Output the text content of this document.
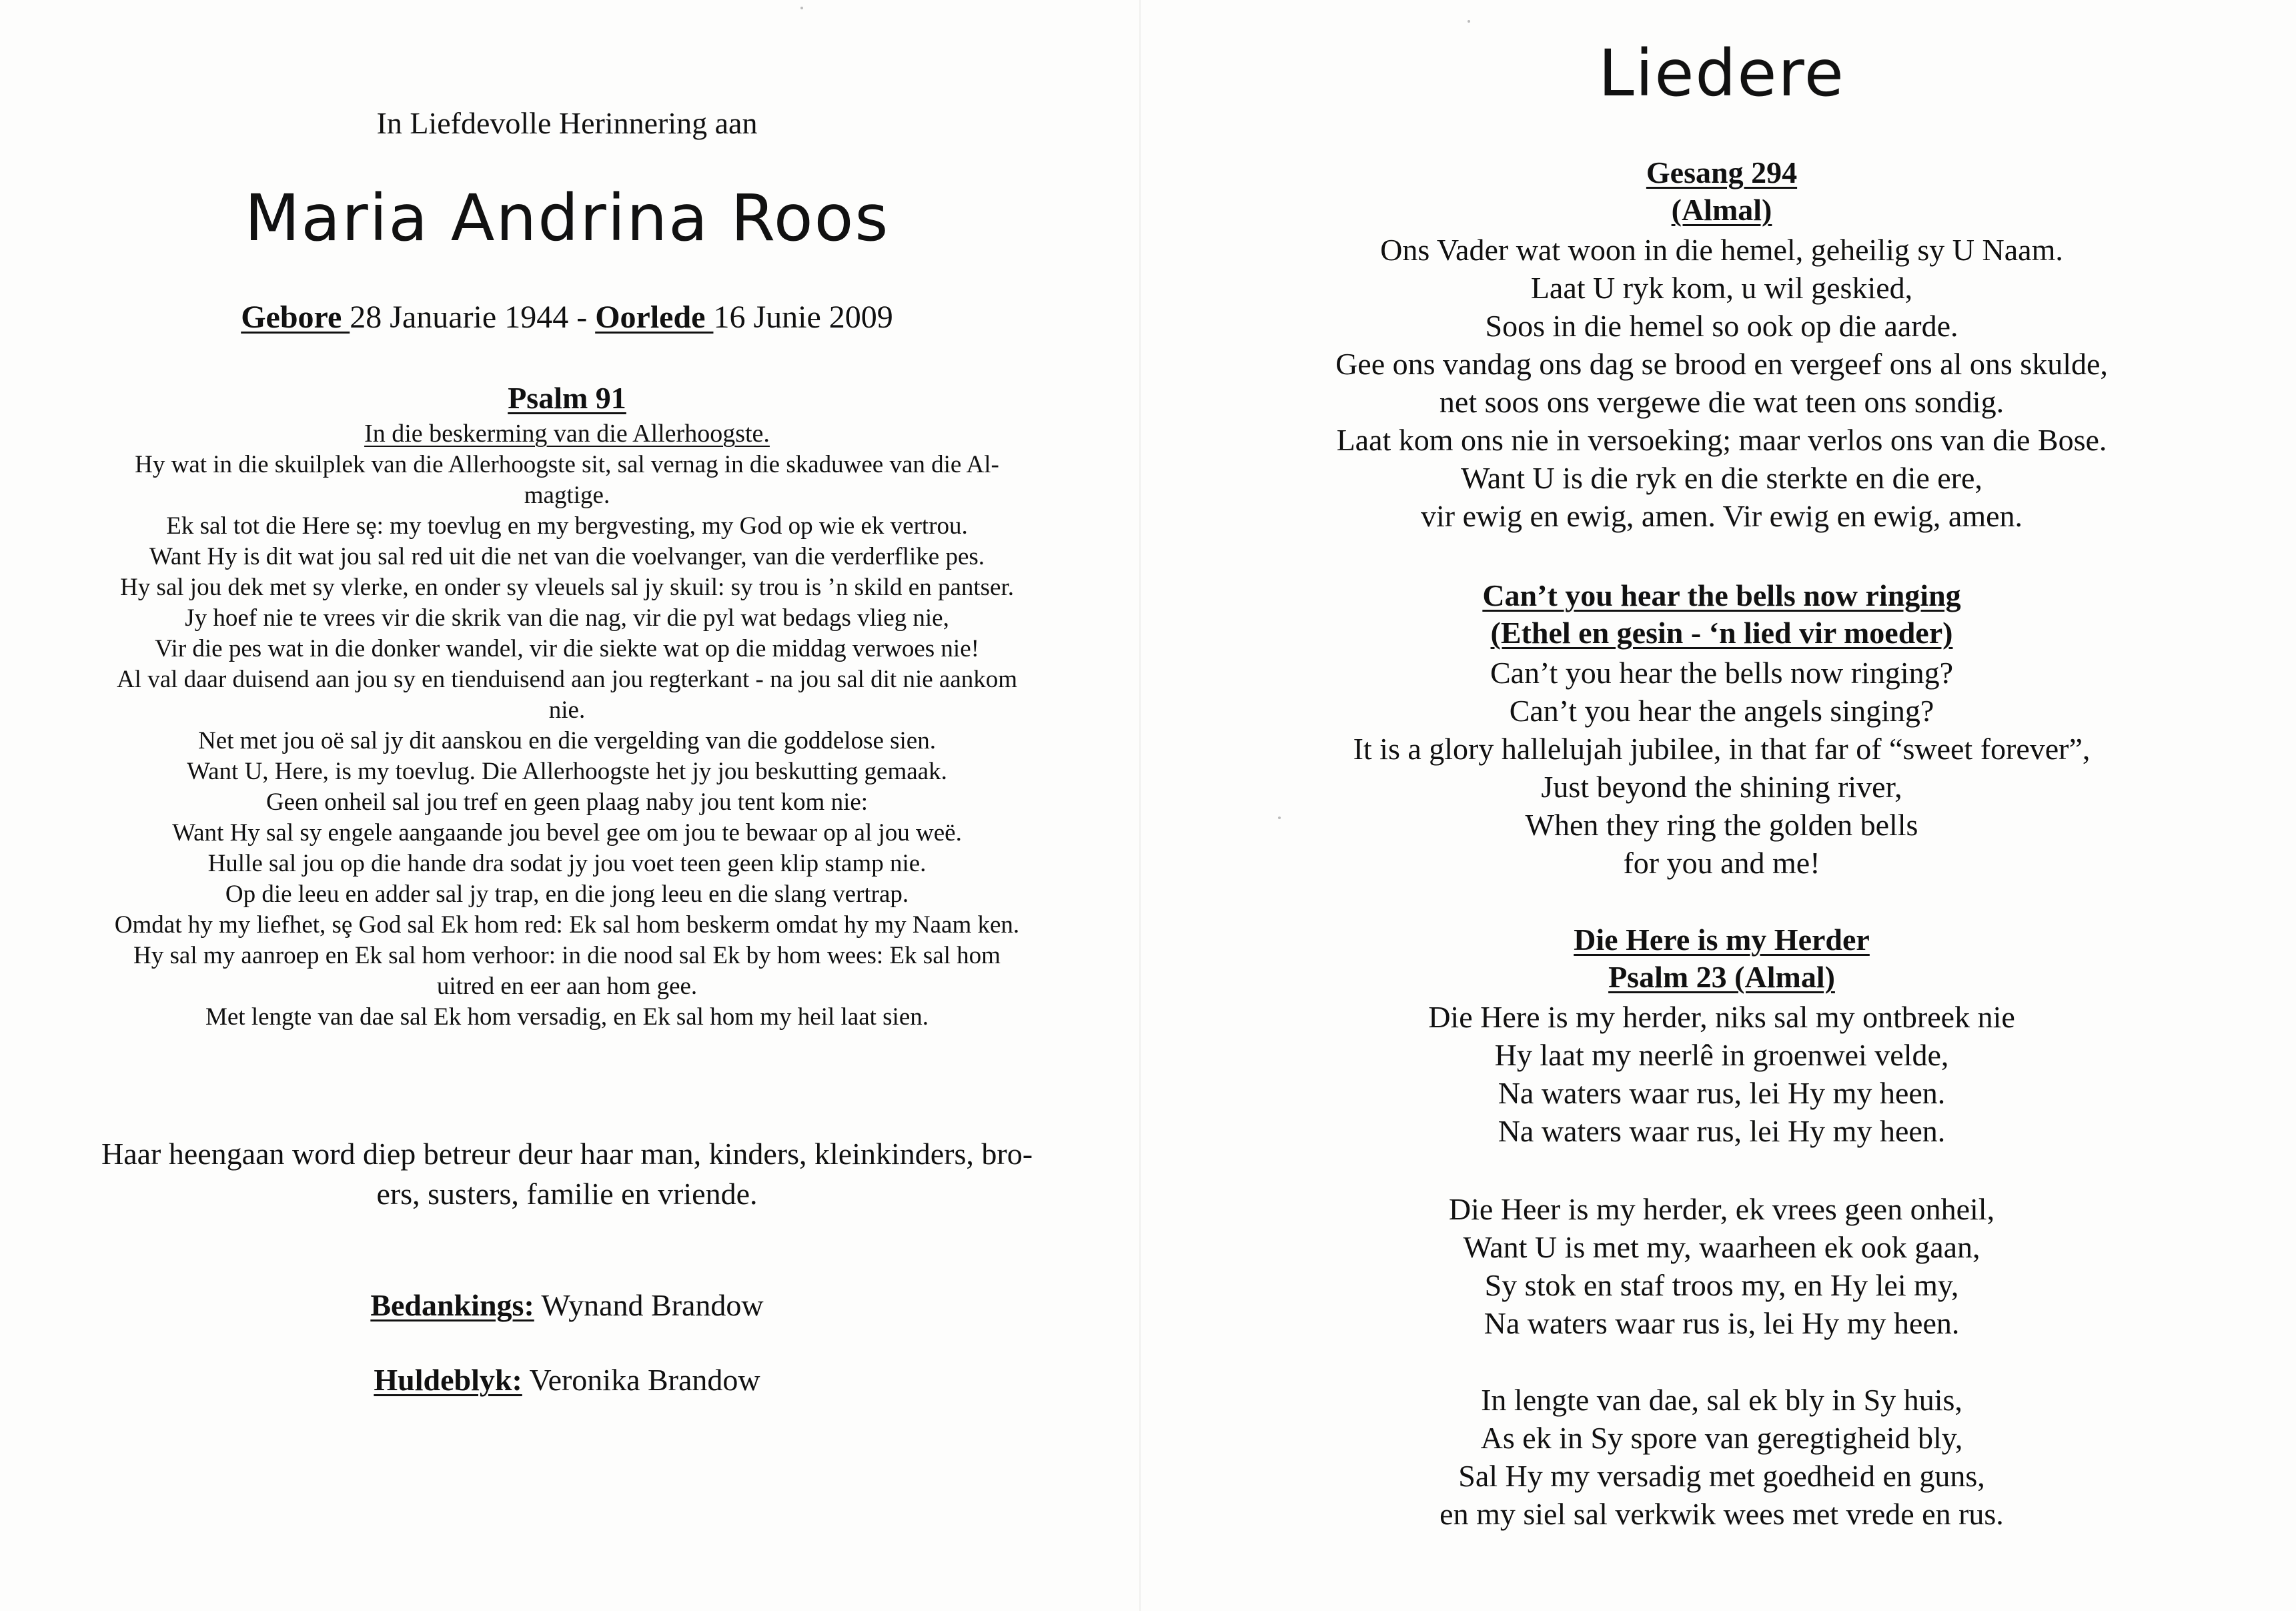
In Liefdevolle Herinnering aan
Maria Andrina Roos
Gebore 28 Januarie 1944 - Oorlede 16 Junie 2009
Psalm 91
In die beskerming van die Allerhoogste.
Hy wat in die skuilplek van die Allerhoogste sit, sal vernag in die skaduwee van die Al-
magtige.
Ek sal tot die Here sȩ: my toevlug en my bergvesting, my God op wie ek vertrou.
Want Hy is dit wat jou sal red uit die net van die voelvanger, van die verderflike pes.
Hy sal jou dek met sy vlerke, en onder sy vleuels sal jy skuil: sy trou is ’n skild en pantser.
Jy hoef nie te vrees vir die skrik van die nag, vir die pyl wat bedags vlieg nie,
Vir die pes wat in die donker wandel, vir die siekte wat op die middag verwoes nie!
Al val daar duisend aan jou sy en tienduisend aan jou regterkant - na jou sal dit nie aankom
nie.
Net met jou oë sal jy dit aanskou en die vergelding van die goddelose sien.
Want U, Here, is my toevlug. Die Allerhoogste het jy jou beskutting gemaak.
Geen onheil sal jou tref en geen plaag naby jou tent kom nie:
Want Hy sal sy engele aangaande jou bevel gee om jou te bewaar op al jou weë.
Hulle sal jou op die hande dra sodat jy jou voet teen geen klip stamp nie.
Op die leeu en adder sal jy trap, en die jong leeu en die slang vertrap.
Omdat hy my liefhet, sȩ God sal Ek hom red: Ek sal hom beskerm omdat hy my Naam ken.
Hy sal my aanroep en Ek sal hom verhoor: in die nood sal Ek by hom wees: Ek sal hom
uitred en eer aan hom gee.
Met lengte van dae sal Ek hom versadig, en Ek sal hom my heil laat sien.
Haar heengaan word diep betreur deur haar man, kinders, kleinkinders, bro-
ers, susters, familie en vriende.
Bedankings: Wynand Brandow
Huldeblyk: Veronika Brandow
Liedere
Gesang 294
(Almal)
Ons Vader wat woon in die hemel, geheilig sy U Naam.
Laat U ryk kom, u wil geskied,
Soos in die hemel so ook op die aarde.
Gee ons vandag ons dag se brood en vergeef ons al ons skulde,
net soos ons vergewe die wat teen ons sondig.
Laat kom ons nie in versoeking; maar verlos ons van die Bose.
Want U is die ryk en die sterkte en die ere,
vir ewig en ewig, amen. Vir ewig en ewig, amen.
Can’t you hear the bells now ringing
(Ethel en gesin - ‘n lied vir moeder)
Can’t you hear the bells now ringing?
Can’t you hear the angels singing?
It is a glory hallelujah jubilee, in that far of “sweet forever”,
Just beyond the shining river,
When they ring the golden bells
for you and me!
Die Here is my Herder
Psalm 23 (Almal)
Die Here is my herder, niks sal my ontbreek nie
Hy laat my neerlê in groenwei velde,
Na waters waar rus, lei Hy my heen.
Na waters waar rus, lei Hy my heen.
Die Heer is my herder, ek vrees geen onheil,
Want U is met my, waarheen ek ook gaan,
Sy stok en staf troos my, en Hy lei my,
Na waters waar rus is, lei Hy my heen.
In lengte van dae, sal ek bly in Sy huis,
As ek in Sy spore van geregtigheid bly,
Sal Hy my versadig met goedheid en guns,
en my siel sal verkwik wees met vrede en rus.
